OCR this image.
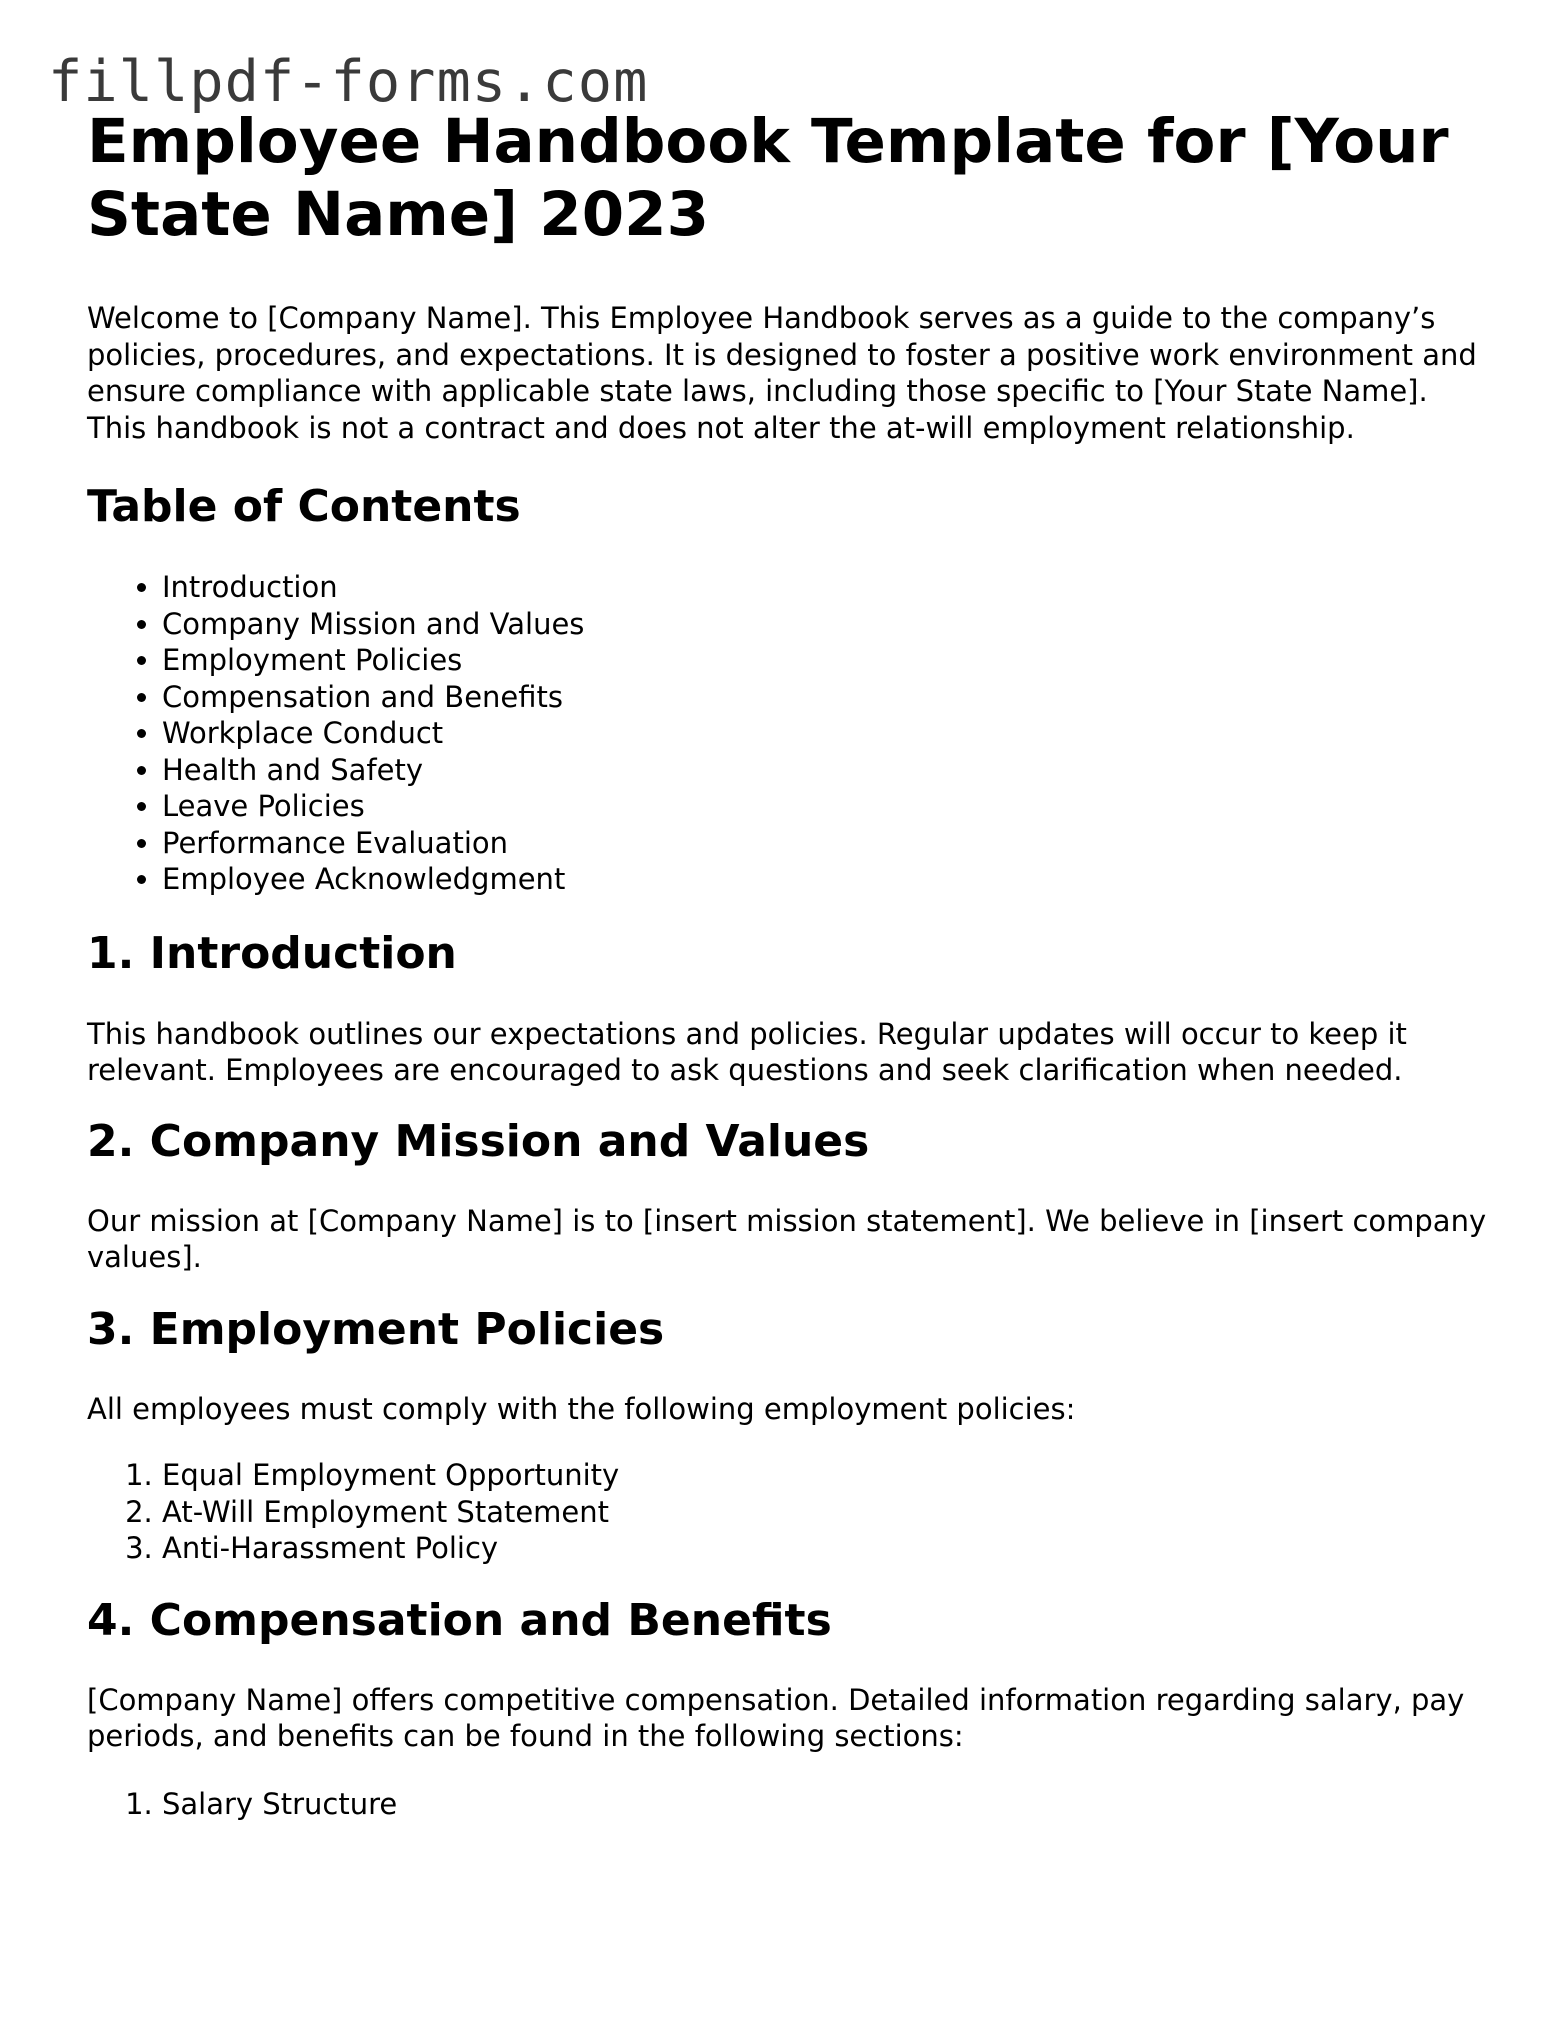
fillpdf-forms.com
Employee Handbook Template for [Your State Name] 2023

Welcome to [Company Name]. This Employee Handbook serves as a guide to the company’s policies, procedures, and expectations. It is designed to foster a positive work environment and ensure compliance with applicable state laws, including those specific to [Your State Name]. This handbook is not a contract and does not alter the at-will employment relationship.

Table of Contents
• Introduction
• Company Mission and Values
• Employment Policies
• Compensation and Benefits
• Workplace Conduct
• Health and Safety
• Leave Policies
• Performance Evaluation
• Employee Acknowledgment
1. Introduction

This handbook outlines our expectations and policies. Regular updates will occur to keep it relevant. Employees are encouraged to ask questions and seek clarification when needed.

2. Company Mission and Values

Our mission at [Company Name] is to [insert mission statement]. We believe in [insert company values].

3. Employment Policies

All employees must comply with the following employment policies:

1. Equal Employment Opportunity
2. At-Will Employment Statement
3. Anti-Harassment Policy
4. Compensation and Benefits

[Company Name] offers competitive compensation. Detailed information regarding salary, pay periods, and benefits can be found in the following sections:

1. Salary Structure
